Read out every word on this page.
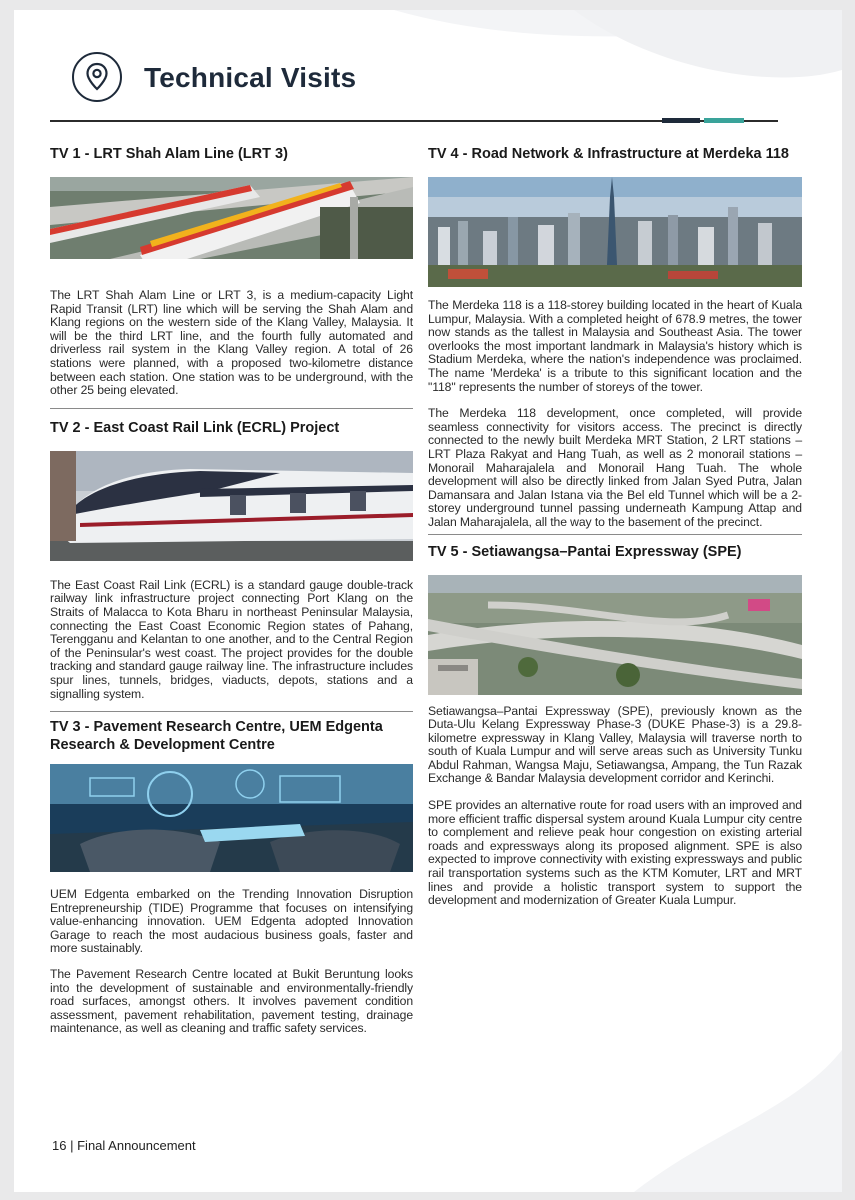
Technical Visits
TV 1 - LRT Shah Alam Line (LRT 3)

The LRT Shah Alam Line or LRT 3, is a medium-capacity Light Rapid Transit (LRT) line which will be serving the Shah Alam and Klang regions on the western side of the Klang Valley, Malaysia. It will be the third LRT line, and the fourth fully automated and driverless rail system in the Klang Valley region. A total of 26 stations were planned, with a proposed two-kilometre distance between each station. One station was to be underground, with the other 25 being elevated.

TV 2 - East Coast Rail Link (ECRL) Project

The East Coast Rail Link (ECRL) is a standard gauge double-track railway link infrastructure project connecting Port Klang on the Straits of Malacca to Kota Bharu in northeast Peninsular Malaysia, connecting the East Coast Economic Region states of Pahang, Terengganu and Kelantan to one another, and to the Central Region of the Peninsular's west coast. The project provides for the double tracking and standard gauge railway line. The infrastructure includes spur lines, tunnels, bridges, viaducts, depots, stations and a signalling system.

TV 3 - Pavement Research Centre, UEM Edgenta Research & Development Centre

UEM Edgenta embarked on the Trending Innovation Disruption Entrepreneurship (TIDE) Programme that focuses on intensifying value-enhancing innovation. UEM Edgenta adopted Innovation Garage to reach the most audacious business goals, faster and more sustainably.

The Pavement Research Centre located at Bukit Beruntung looks into the development of sustainable and environmentally-friendly road surfaces, amongst others. It involves pavement condition assessment, pavement rehabilitation, pavement testing, drainage maintenance, as well as cleaning and traffic safety services.

TV 4 - Road Network & Infrastructure at Merdeka 118

The Merdeka 118 is a 118-storey building located in the heart of Kuala Lumpur, Malaysia. With a completed height of 678.9 metres, the tower now stands as the tallest in Malaysia and Southeast Asia. The tower overlooks the most important landmark in Malaysia's history which is Stadium Merdeka, where the nation's independence was proclaimed. The name 'Merdeka' is a tribute to this significant location and the "118" represents the number of storeys of the tower.

The Merdeka 118 development, once completed, will provide seamless connectivity for visitors access. The precinct is directly connected to the newly built Merdeka MRT Station, 2 LRT stations – LRT Plaza Rakyat and Hang Tuah, as well as 2 monorail stations – Monorail Maharajalela and Monorail Hang Tuah. The whole development will also be directly linked from Jalan Syed Putra, Jalan Damansara and Jalan Istana via the Bel eld Tunnel which will be a 2-storey underground tunnel passing underneath Kampung Attap and Jalan Maharajalela, all the way to the basement of the precinct.

TV 5 - Setiawangsa–Pantai Expressway (SPE)

Setiawangsa–Pantai Expressway (SPE), previously known as the Duta-Ulu Kelang Expressway Phase-3 (DUKE Phase-3) is a 29.8-kilometre expressway in Klang Valley, Malaysia will traverse north to south of Kuala Lumpur and will serve areas such as University Tunku Abdul Rahman, Wangsa Maju, Setiawangsa, Ampang, the Tun Razak Exchange & Bandar Malaysia development corridor and Kerinchi.

SPE provides an alternative route for road users with an improved and more efficient traffic dispersal system around Kuala Lumpur city centre to complement and relieve peak hour congestion on existing arterial roads and expressways along its proposed alignment. SPE is also expected to improve connectivity with existing expressways and public rail transportation systems such as the KTM Komuter, LRT and MRT lines and provide a holistic transport system to support the development and modernization of Greater Kuala Lumpur.

16 | Final Announcement
